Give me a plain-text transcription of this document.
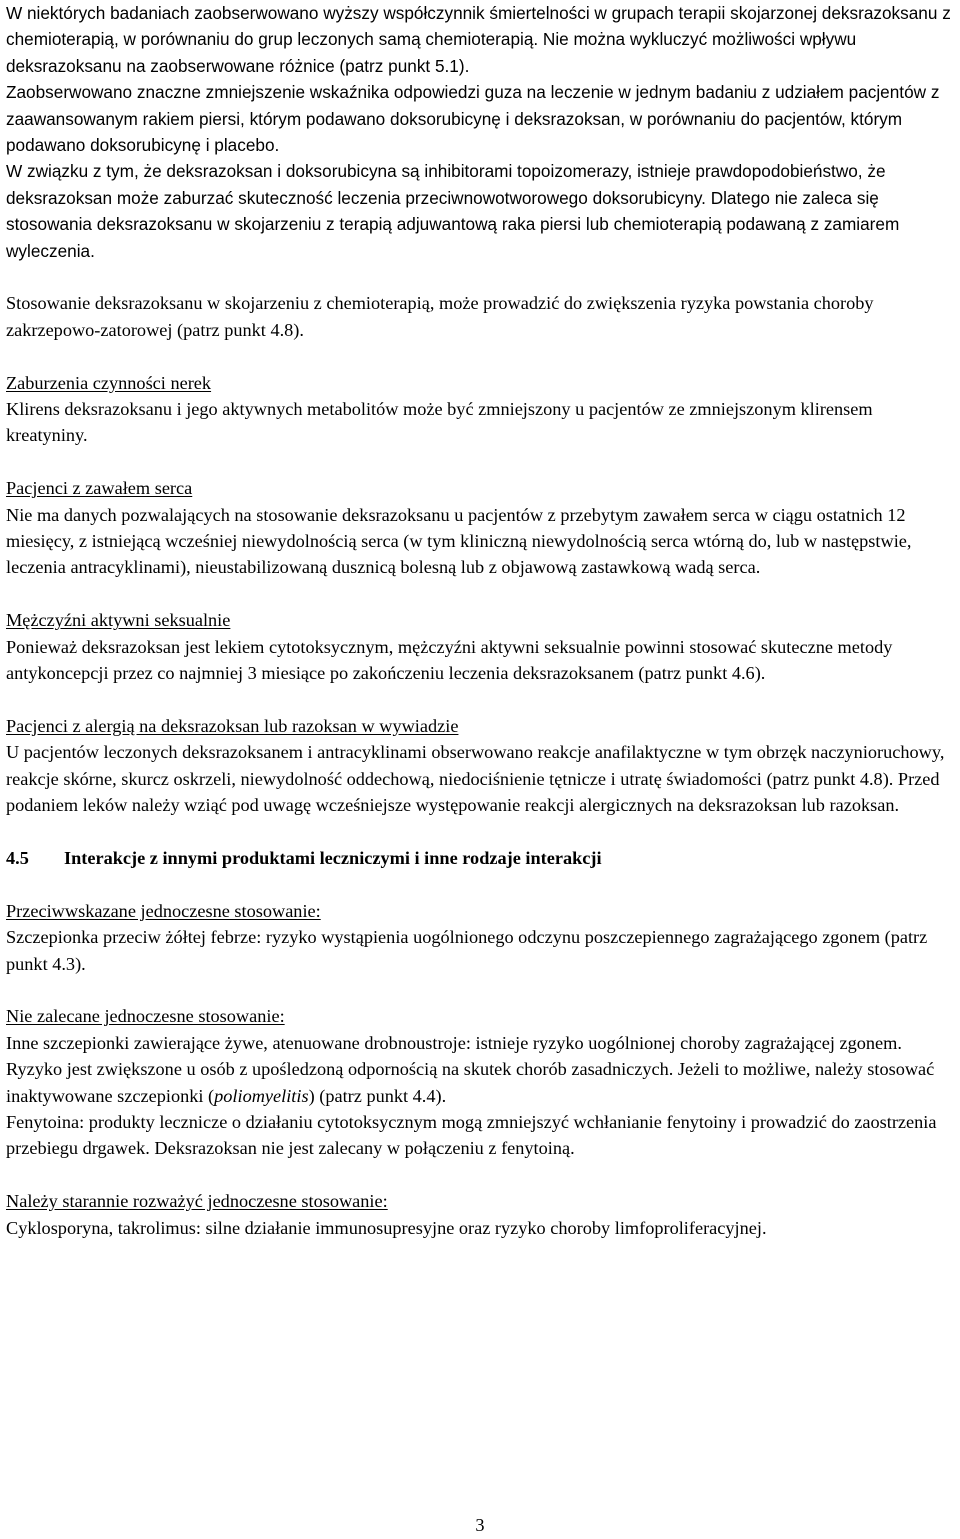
W niektórych badaniach zaobserwowano wyższy współczynnik śmiertelności w grupach terapii skojarzonej deksrazoksanu z chemioterapią, w porównaniu do grup leczonych samą chemioterapią. Nie można wykluczyć możliwości wpływu deksrazoksanu na zaobserwowane różnice (patrz punkt 5.1).

Zaobserwowano znaczne zmniejszenie wskaźnika odpowiedzi guza na leczenie w jednym badaniu z udziałem pacjentów z zaawansowanym rakiem piersi, którym podawano doksorubicynę i deksrazoksan, w porównaniu do pacjentów, którym podawano doksorubicynę i placebo.

W związku z tym, że deksrazoksan i doksorubicyna są inhibitorami topoizomerazy, istnieje prawdopodobieństwo, że deksrazoksan może zaburzać skuteczność leczenia przeciwnowotworowego doksorubicyny. Dlatego nie zaleca się stosowania deksrazoksanu w skojarzeniu z terapią adjuwantową raka piersi lub chemioterapią podawaną z zamiarem wyleczenia.

Stosowanie deksrazoksanu w skojarzeniu z chemioterapią, może prowadzić do zwiększenia ryzyka powstania choroby zakrzepowo-zatorowej (patrz punkt 4.8).

Zaburzenia czynności nerek

Klirens deksrazoksanu i jego aktywnych metabolitów może być zmniejszony u pacjentów ze zmniejszonym klirensem kreatyniny.

Pacjenci z zawałem serca

Nie ma danych pozwalających na stosowanie deksrazoksanu u pacjentów z przebytym zawałem serca w ciągu ostatnich 12 miesięcy, z istniejącą wcześniej niewydolnością serca (w tym kliniczną niewydolnością serca wtórną do, lub w następstwie, leczenia antracyklinami), nieustabilizowaną dusznicą bolesną lub z objawową zastawkową wadą serca.

Mężczyźni aktywni seksualnie

Ponieważ deksrazoksan jest lekiem cytotoksycznym, mężczyźni aktywni seksualnie powinni stosować skuteczne metody antykoncepcji przez co najmniej 3 miesiące po zakończeniu leczenia deksrazoksanem (patrz punkt 4.6).

Pacjenci z alergią na deksrazoksan lub razoksan w wywiadzie

U pacjentów leczonych deksrazoksanem i antracyklinami obserwowano reakcje anafilaktyczne w tym obrzęk naczynioruchowy, reakcje skórne, skurcz oskrzeli, niewydolność oddechową, niedociśnienie tętnicze i utratę świadomości (patrz punkt 4.8). Przed podaniem leków należy wziąć pod uwagę wcześniejsze występowanie reakcji alergicznych na deksrazoksan lub razoksan.

4.5	Interakcje z innymi produktami leczniczymi i inne rodzaje interakcji

Przeciwwskazane jednoczesne stosowanie:

Szczepionka przeciw żółtej febrze: ryzyko wystąpienia uogólnionego odczynu poszczepiennego zagrażającego zgonem (patrz punkt 4.3).

Nie zalecane jednoczesne stosowanie:

Inne szczepionki zawierające żywe, atenuowane drobnoustroje: istnieje ryzyko uogólnionej choroby zagrażającej zgonem. Ryzyko jest zwiększone u osób z upośledzoną odpornością na skutek chorób zasadniczych. Jeżeli to możliwe, należy stosować inaktywowane szczepionki (poliomyelitis) (patrz punkt 4.4).

Fenytoina: produkty lecznicze o działaniu cytotoksycznym mogą zmniejszyć wchłanianie fenytoiny i prowadzić do zaostrzenia przebiegu drgawek. Deksrazoksan nie jest zalecany w połączeniu z fenytoiną.

Należy starannie rozważyć jednoczesne stosowanie:

Cyklosporyna, takrolimus: silne działanie immunosupresyjne oraz ryzyko choroby limfoproliferacyjnej.

3
